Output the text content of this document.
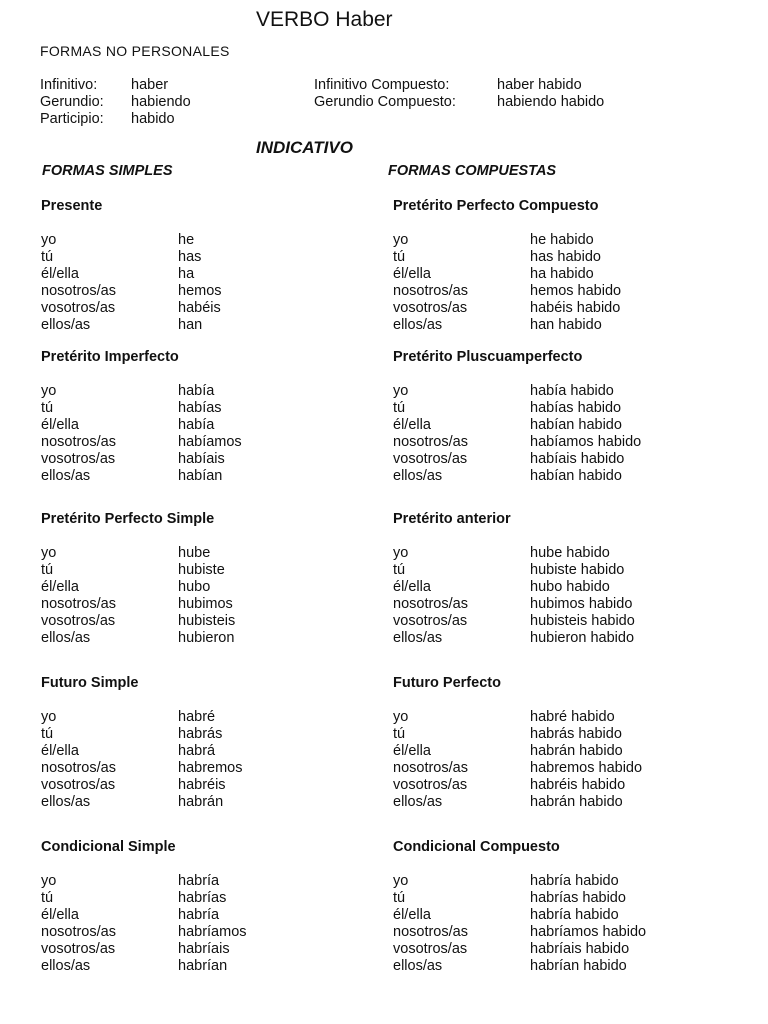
VERBO Haber
FORMAS NO PERSONALES
Infinitivo: haber
Gerundio: habiendo
Participio: habido
Infinitivo Compuesto:	haber habido
Gerundio Compuesto:	habiendo habido
INDICATIVO
FORMAS SIMPLES	FORMAS COMPUESTAS
Presente
yo	he
tú	has
él/ella	ha
nosotros/as	hemos
vosotros/as	habéis
ellos/as	han
Pretérito Perfecto Compuesto
yo	he habido
tú	has habido
él/ella	ha habido
nosotros/as	hemos habido
vosotros/as	habéis habido
ellos/as	han habido
Pretérito Imperfecto
yo	había
tú	habías
él/ella	había
nosotros/as	habíamos
vosotros/as	habíais
ellos/as	habían
Pretérito Pluscuamperfecto
yo	había habido
tú	habías habido
él/ella	habían habido
nosotros/as	habíamos habido
vosotros/as	habíais habido
ellos/as	habían habido
Pretérito Perfecto Simple
yo	hube
tú	hubiste
él/ella	hubo
nosotros/as	hubimos
vosotros/as	hubisteis
ellos/as	hubieron
Pretérito anterior
yo	hube habido
tú	hubiste habido
él/ella	hubo habido
nosotros/as	hubimos habido
vosotros/as	hubisteis habido
ellos/as	hubieron habido
Futuro Simple
yo	habré
tú	habrás
él/ella	habrá
nosotros/as	habremos
vosotros/as	habréis
ellos/as	habrán
Futuro Perfecto
yo	habré habido
tú	habrás habido
él/ella	habrán habido
nosotros/as	habremos habido
vosotros/as	habréis habido
ellos/as	habrán habido
Condicional Simple
yo	habría
tú	habrías
él/ella	habría
nosotros/as	habríamos
vosotros/as	habríais
ellos/as	habrían
Condicional Compuesto
yo	habría habido
tú	habrías habido
él/ella	habría habido
nosotros/as	habríamos habido
vosotros/as	habríais habido
ellos/as	habrían habido
